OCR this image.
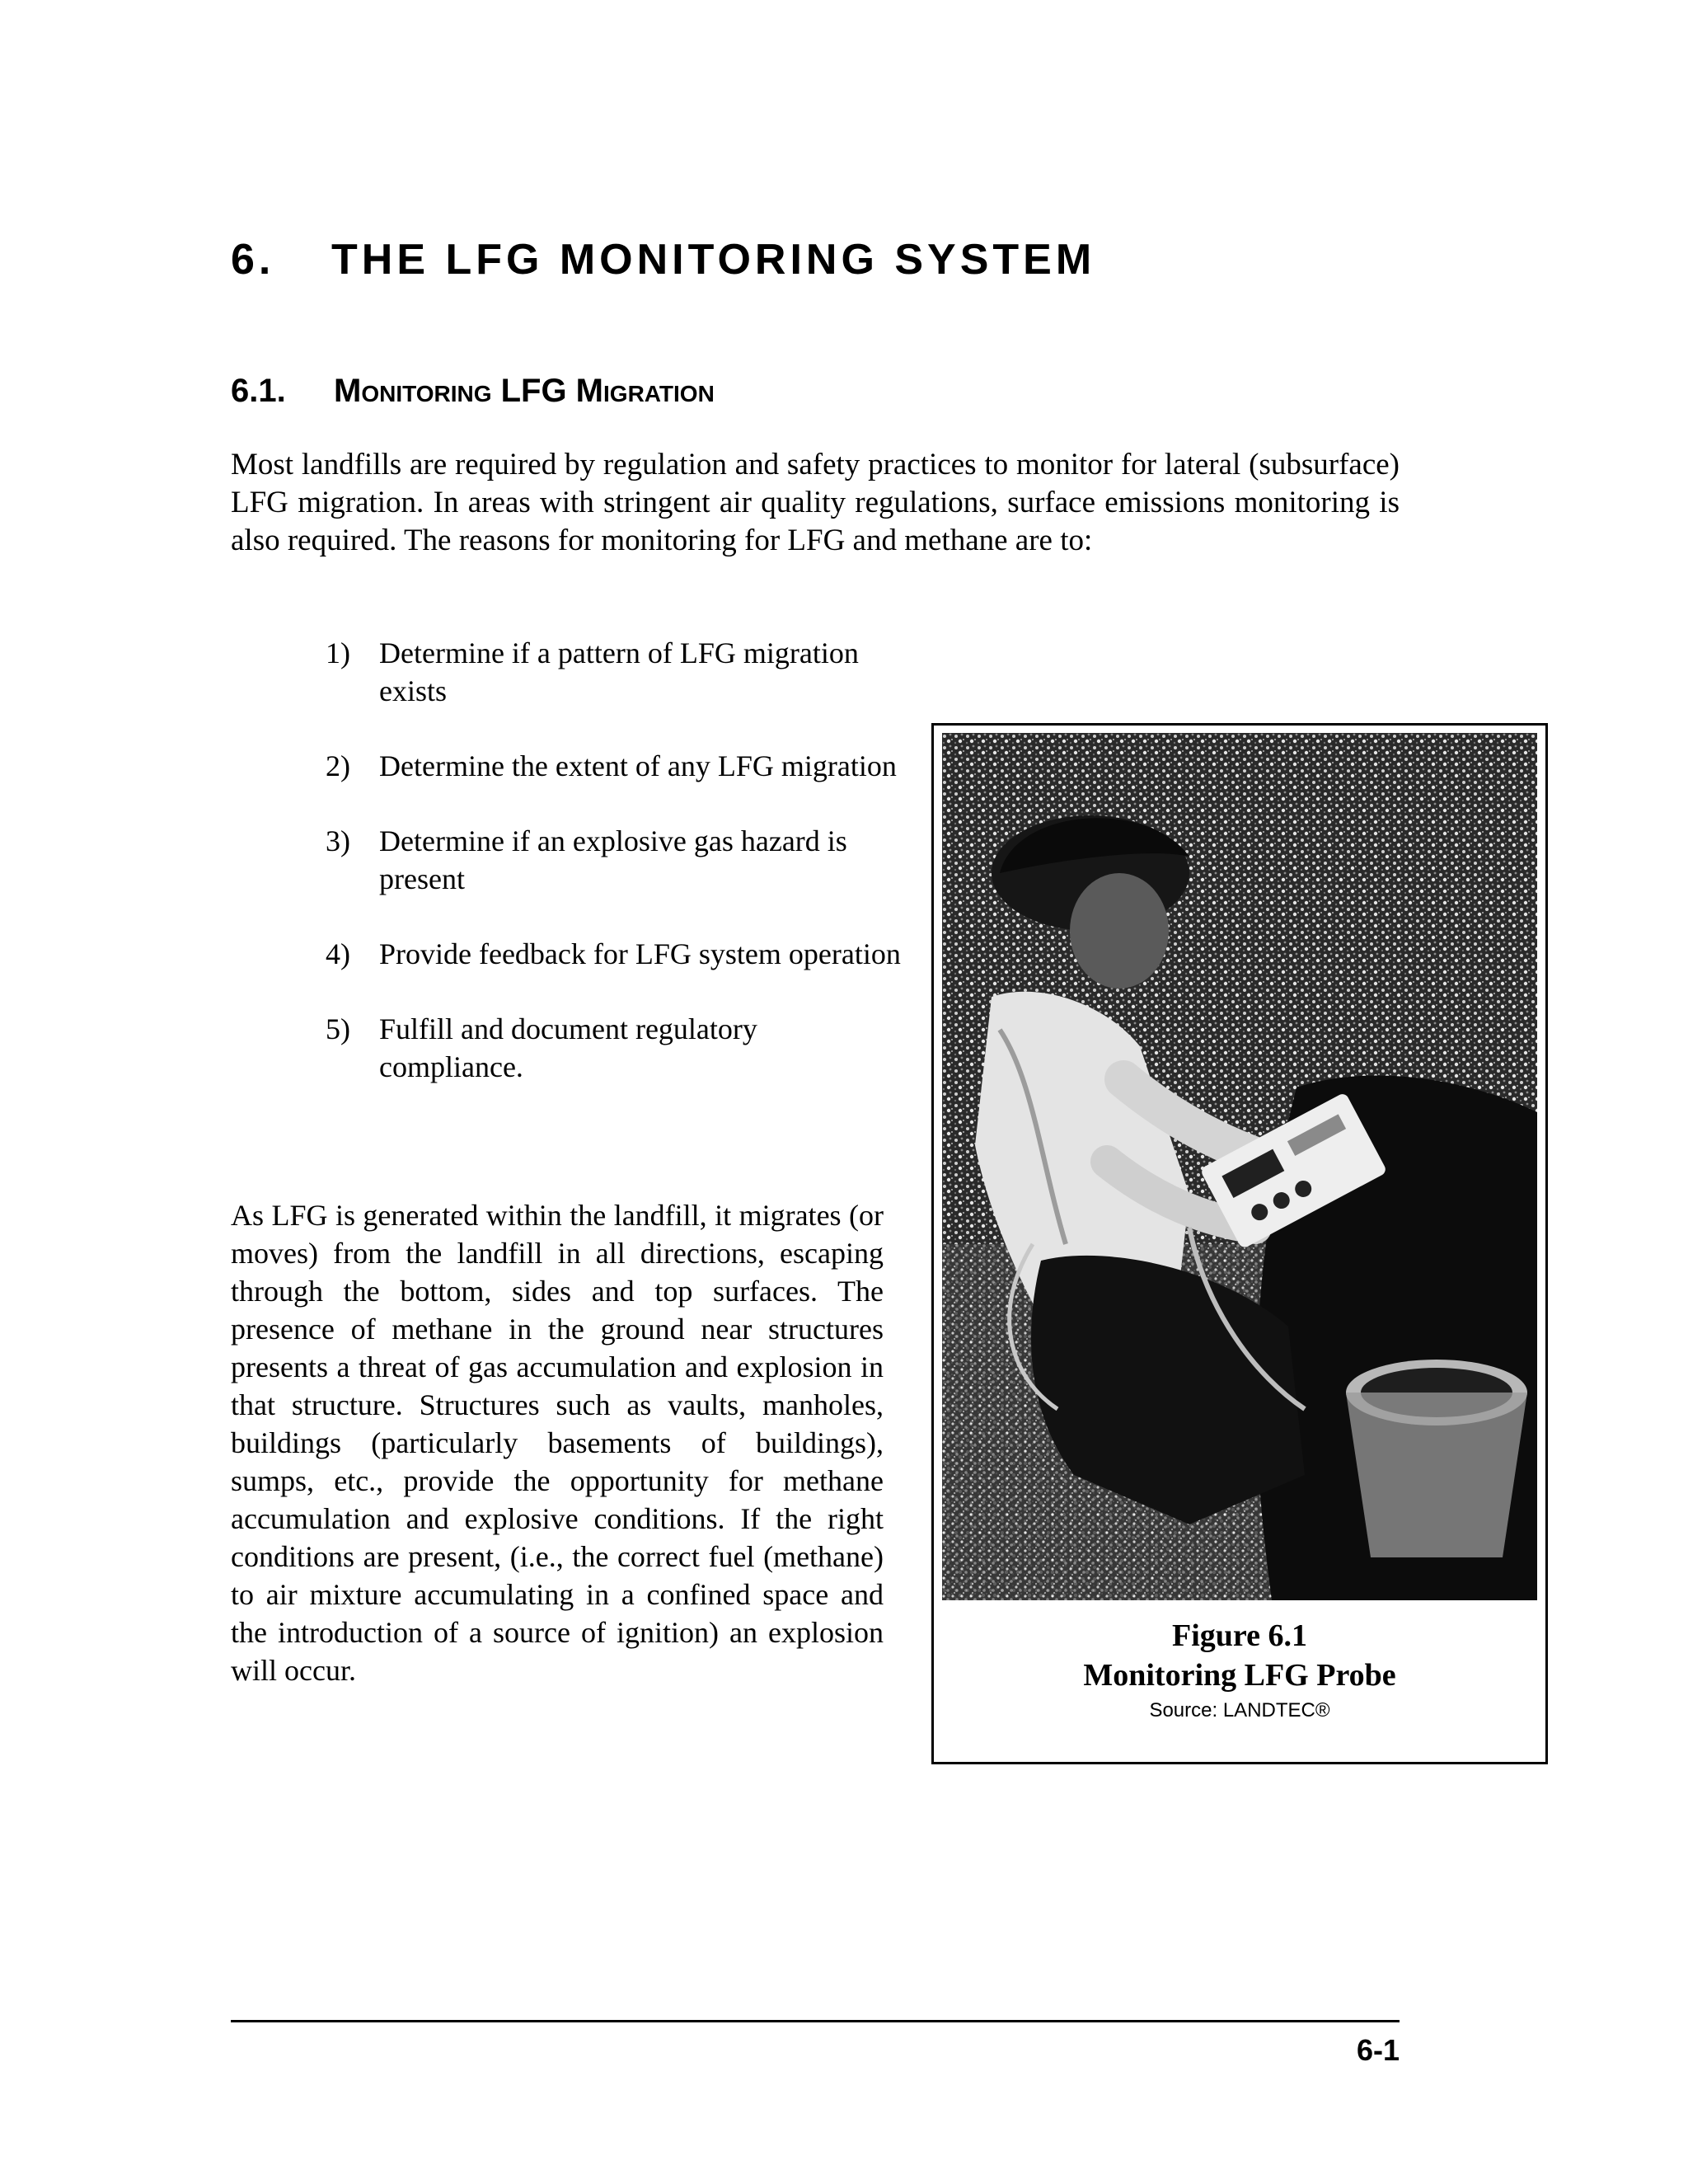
6. THE LFG MONITORING SYSTEM
6.1. Monitoring LFG Migration

Most landfills are required by regulation and safety practices to monitor for lateral (subsurface) LFG migration. In areas with stringent air quality regulations, surface emissions monitoring is also required. The reasons for monitoring for LFG and methane are to:

1) Determine if a pattern of LFG migration exists
2) Determine the extent of any LFG migration
3) Determine if an explosive gas hazard is present
4) Provide feedback for LFG system operation
5) Fulfill and document regulatory compliance.

As LFG is generated within the landfill, it migrates (or moves) from the landfill in all directions, escaping through the bottom, sides and top surfaces. The presence of methane in the ground near structures presents a threat of gas accumulation and explosion in that structure. Structures such as vaults, manholes, buildings (particularly basements of buildings), sumps, etc., provide the opportunity for methane accumulation and explosive conditions. If the right conditions are present, (i.e., the correct fuel (methane) to air mixture accumulating in a confined space and the introduction of a source of ignition) an explosion will occur.

Figure 6.1
Monitoring LFG Probe
Source: LANDTEC®
6-1
